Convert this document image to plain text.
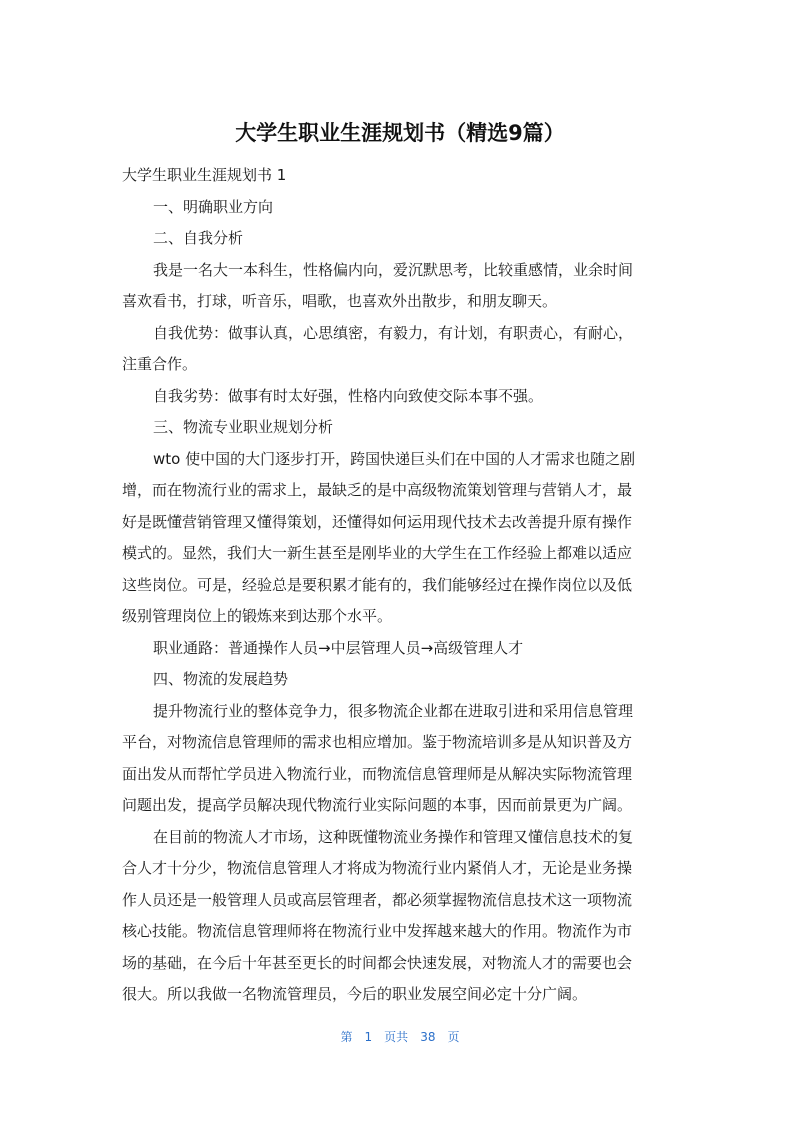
大学生职业生涯规划书（精选9篇）
大学生职业生涯规划书 1
一、明确职业方向
二、自我分析
我是一名大一本科生，性格偏内向，爱沉默思考，比较重感情，业余时间
喜欢看书，打球，听音乐，唱歌，也喜欢外出散步，和朋友聊天。
自我优势：做事认真，心思缜密，有毅力，有计划，有职责心，有耐心，
注重合作。
自我劣势：做事有时太好强，性格内向致使交际本事不强。
三、物流专业职业规划分析
wto 使中国的大门逐步打开，跨国快递巨头们在中国的人才需求也随之剧
增，而在物流行业的需求上，最缺乏的是中高级物流策划管理与营销人才，最
好是既懂营销管理又懂得策划，还懂得如何运用现代技术去改善提升原有操作
模式的。显然，我们大一新生甚至是刚毕业的大学生在工作经验上都难以适应
这些岗位。可是，经验总是要积累才能有的，我们能够经过在操作岗位以及低
级别管理岗位上的锻炼来到达那个水平。
职业通路：普通操作人员→中层管理人员→高级管理人才
四、物流的发展趋势
提升物流行业的整体竞争力，很多物流企业都在进取引进和采用信息管理
平台，对物流信息管理师的需求也相应增加。鉴于物流培训多是从知识普及方
面出发从而帮忙学员进入物流行业，而物流信息管理师是从解决实际物流管理
问题出发，提高学员解决现代物流行业实际问题的本事，因而前景更为广阔。
在目前的物流人才市场，这种既懂物流业务操作和管理又懂信息技术的复
合人才十分少，物流信息管理人才将成为物流行业内紧俏人才，无论是业务操
作人员还是一般管理人员或高层管理者，都必须掌握物流信息技术这一项物流
核心技能。物流信息管理师将在物流行业中发挥越来越大的作用。物流作为市
场的基础，在今后十年甚至更长的时间都会快速发展，对物流人才的需要也会
很大。所以我做一名物流管理员，今后的职业发展空间必定十分广阔。
第 1 页共 38 页
